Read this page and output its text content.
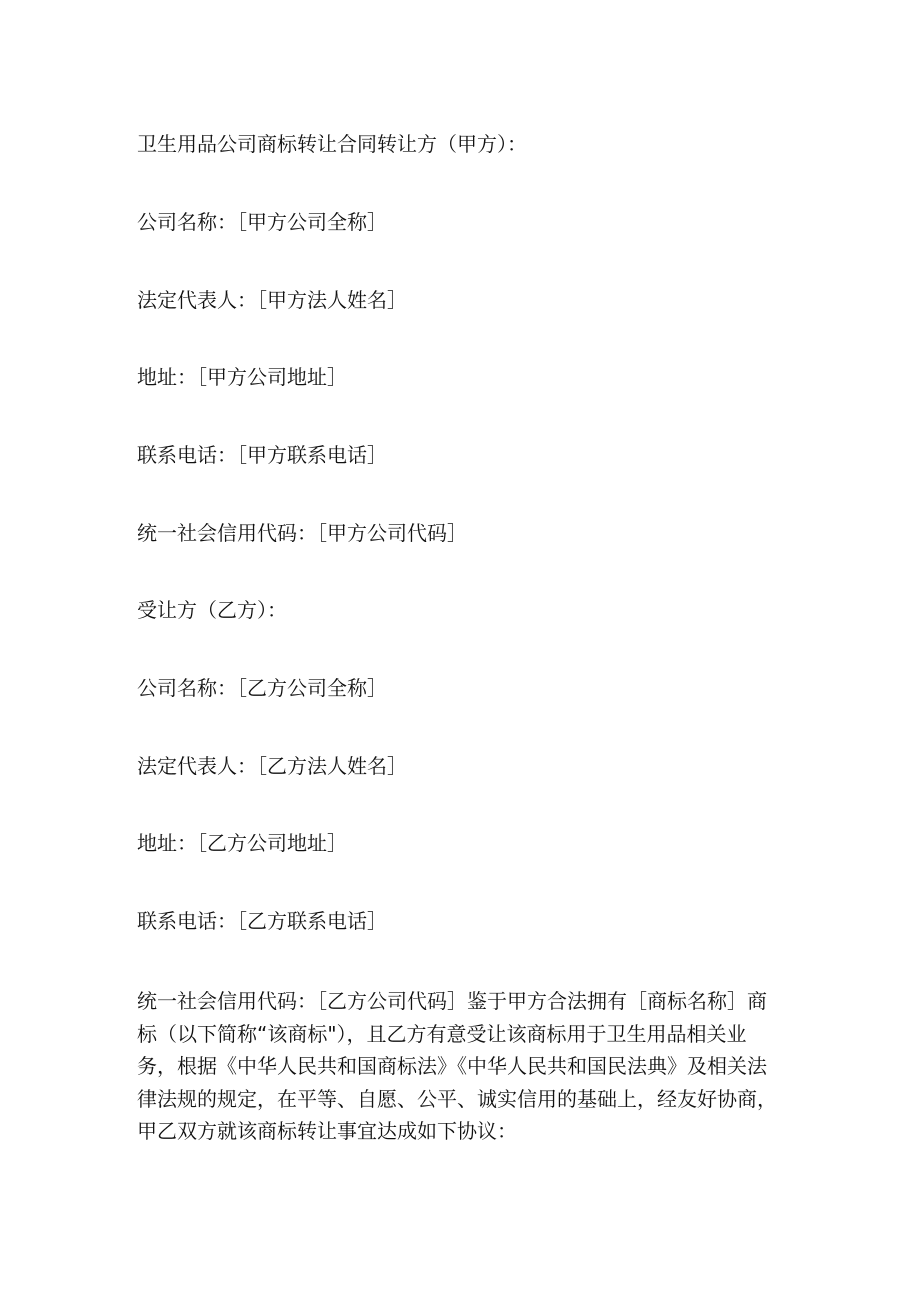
卫生用品公司商标转让合同转让方（甲方）：
公司名称：［甲方公司全称］
法定代表人：［甲方法人姓名］
地址：［甲方公司地址］
联系电话：［甲方联系电话］
统一社会信用代码：［甲方公司代码］
受让方（乙方）：
公司名称：［乙方公司全称］
法定代表人：［乙方法人姓名］
地址：［乙方公司地址］
联系电话：［乙方联系电话］
统一社会信用代码：［乙方公司代码］鉴于甲方合法拥有［商标名称］商
标（以下简称“该商标"），且乙方有意受让该商标用于卫生用品相关业
务，根据《中华人民共和国商标法》《中华人民共和国民法典》及相关法
律法规的规定，在平等、自愿、公平、诚实信用的基础上，经友好协商，
甲乙双方就该商标转让事宜达成如下协议：
